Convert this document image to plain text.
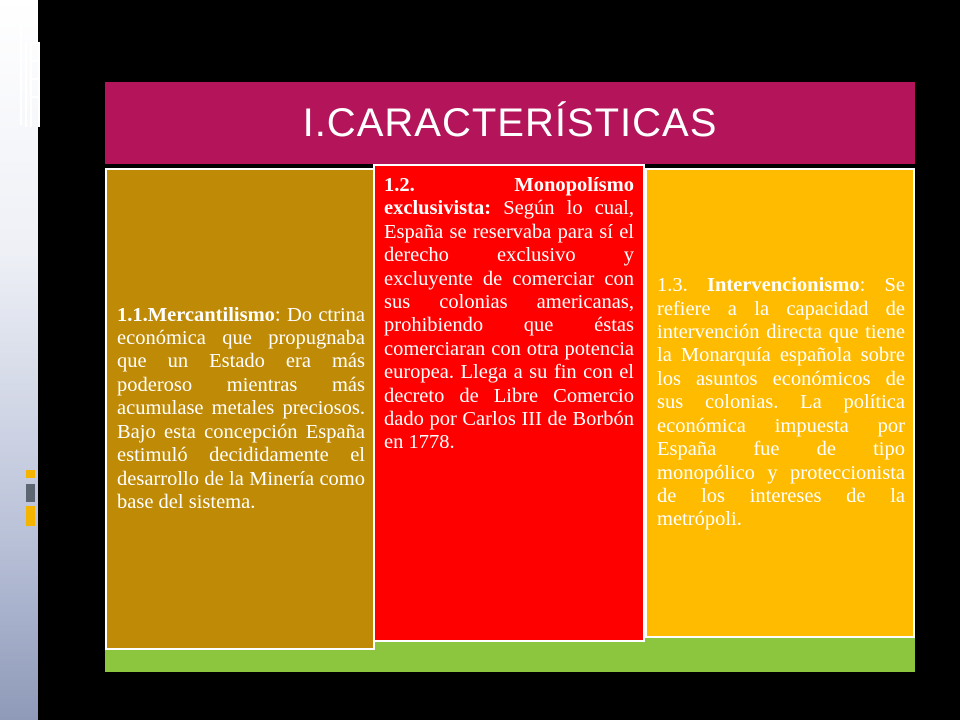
I.CARACTERÍSTICAS

1.1.Mercantilismo: Do ctrina económica que propugnaba que un Estado era más poderoso mientras más acumulase metales preciosos. Bajo esta concepción España estimuló decididamente el desarrollo de la Minería como base del sistema.

1.2. Monopolísmo exclusivista: Según lo cual, España se reservaba para sí el derecho exclusivo y excluyente de comerciar con sus colonias americanas, prohibiendo que éstas comerciaran con otra potencia europea. Llega a su fin con el decreto de Libre Comercio dado por Carlos III de Borbón en 1778.

1.3. Intervencionismo: Se refiere a la capacidad de intervención directa que tiene la Monarquía española sobre los asuntos económicos de sus colonias. La política económica impuesta por España fue de tipo monopólico y proteccionista de los intereses de la metrópoli.
